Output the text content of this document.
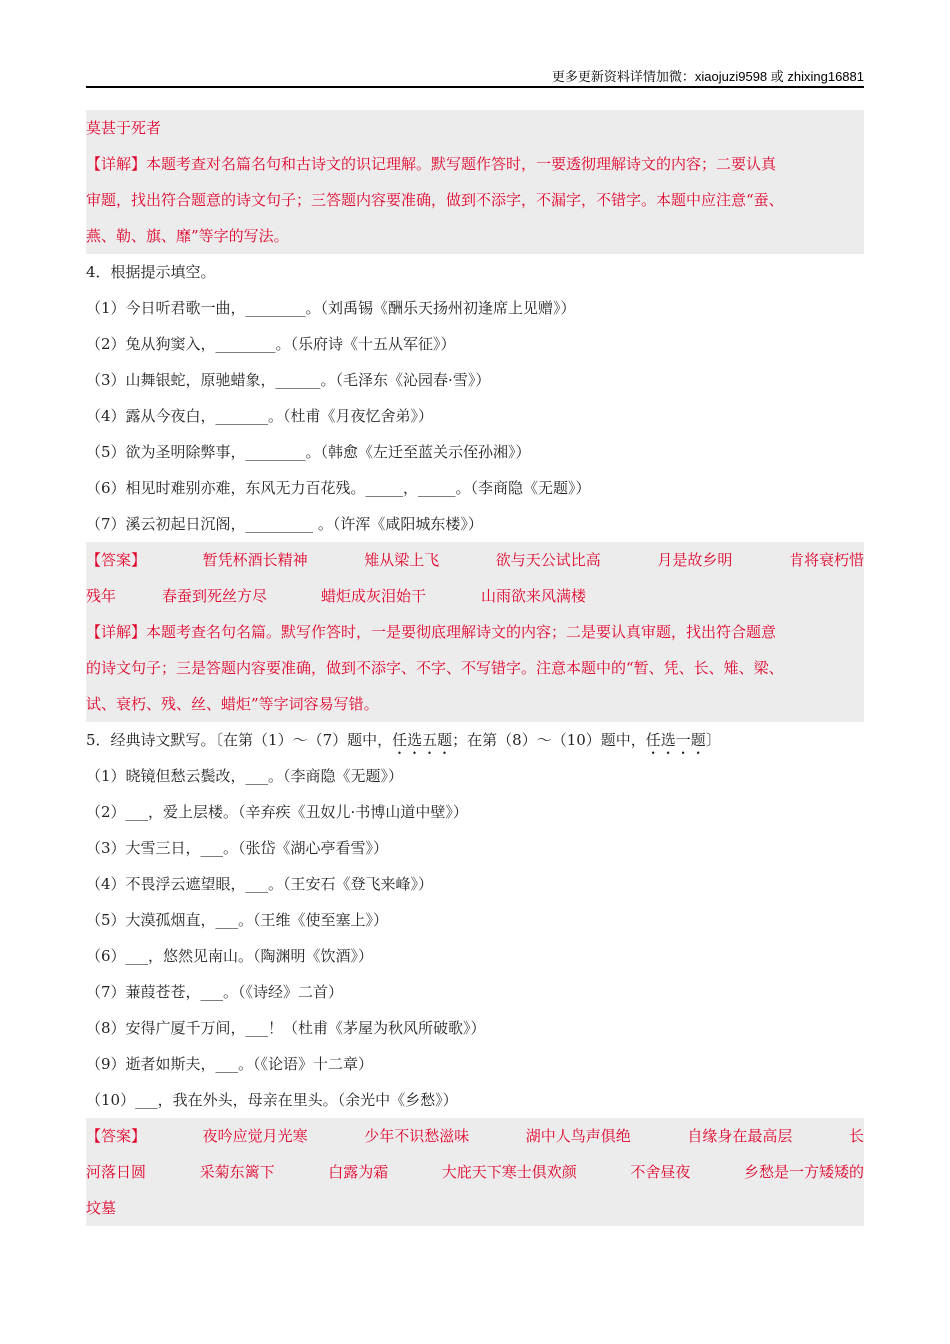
更多更新资料详情加微：xiaojuzi9598 或 zhixing16881
莫甚于死者
【详解】本题考查对名篇名句和古诗文的识记理解。默写题作答时，一要透彻理解诗文的内容；二要认真
审题，找出符合题意的诗文句子；三答题内容要准确，做到不添字，不漏字，不错字。本题中应注意“蚕、
燕、勒、旗、靡”等字的写法。
4．根据提示填空。
（1）今日听君歌一曲，________。（刘禹锡《酬乐天扬州初逢席上见赠》）
（2）兔从狗窦入，________。（乐府诗《十五从军征》）
（3）山舞银蛇，原驰蜡象，______。（毛泽东《沁园春·雪》）
（4）露从今夜白，_______。（杜甫《月夜忆舍弟》）
（5）欲为圣明除弊事，________。（韩愈《左迁至蓝关示侄孙湘》）
（6）相见时难别亦难，东风无力百花残。_____，_____。（李商隐《无题》）
（7）溪云初起日沉阁，_________ 。（许浑《咸阳城东楼》）
【答案】	暂凭杯酒长精神	雉从梁上飞	欲与天公试比高	月是故乡明	肯将衰朽惜
残年	春蚕到死丝方尽	蜡炬成灰泪始干	山雨欲来风满楼
【详解】本题考查名句名篇。默写作答时，一是要彻底理解诗文的内容；二是要认真审题，找出符合题意
的诗文句子；三是答题内容要准确，做到不添字、不字、不写错字。注意本题中的“暂、凭、长、雉、梁、
试、衰朽、残、丝、蜡炬”等字词容易写错。
5．经典诗文默写。〔在第（1）～（7）题中，任选五题；在第（8）～（10）题中，任选一题〕
（1）晓镜但愁云鬓改，___。（李商隐《无题》）
（2）___，爱上层楼。（辛弃疾《丑奴儿·书博山道中壁》）
（3）大雪三日，___。（张岱《湖心亭看雪》）
（4）不畏浮云遮望眼，___。（王安石《登飞来峰》）
（5）大漠孤烟直，___。（王维《使至塞上》）
（6）___，悠然见南山。（陶渊明《饮酒》）
（7）蒹葭苍苍，___。（《诗经》二首）
（8）安得广厦千万间，___！（杜甫《茅屋为秋风所破歌》）
（9）逝者如斯夫，___。（《论语》十二章）
（10）___，我在外头，母亲在里头。（余光中《乡愁》）
【答案】	夜吟应觉月光寒	少年不识愁滋味	湖中人鸟声俱绝	自缘身在最高层	长
河落日圆	采菊东篱下	白露为霜	大庇天下寒士俱欢颜	不舍昼夜	乡愁是一方矮矮的
坟墓
